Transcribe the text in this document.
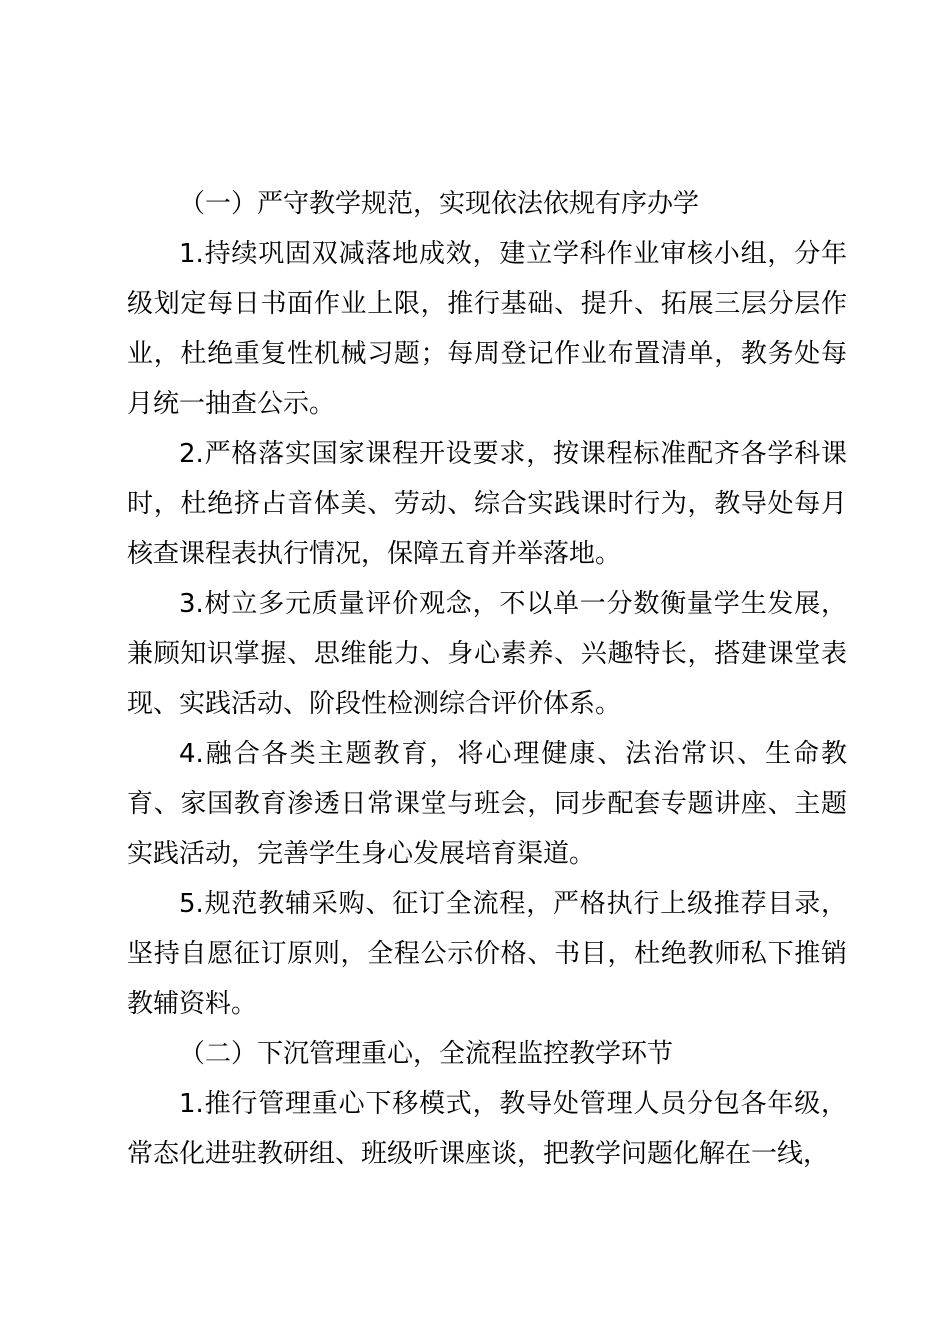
（一）严守教学规范，实现依法依规有序办学

1.持续巩固双减落地成效，建立学科作业审核小组，分年级划定每日书面作业上限，推行基础、提升、拓展三层分层作业，杜绝重复性机械习题；每周登记作业布置清单，教务处每月统一抽查公示。

2.严格落实国家课程开设要求，按课程标准配齐各学科课时，杜绝挤占音体美、劳动、综合实践课时行为，教导处每月核查课程表执行情况，保障五育并举落地。

3.树立多元质量评价观念，不以单一分数衡量学生发展，兼顾知识掌握、思维能力、身心素养、兴趣特长，搭建课堂表现、实践活动、阶段性检测综合评价体系。

4.融合各类主题教育，将心理健康、法治常识、生命教育、家国教育渗透日常课堂与班会，同步配套专题讲座、主题实践活动，完善学生身心发展培育渠道。

5.规范教辅采购、征订全流程，严格执行上级推荐目录，坚持自愿征订原则，全程公示价格、书目，杜绝教师私下推销教辅资料。

（二）下沉管理重心，全流程监控教学环节

1.推行管理重心下移模式，教导处管理人员分包各年级，常态化进驻教研组、班级听课座谈，把教学问题化解在一线，
